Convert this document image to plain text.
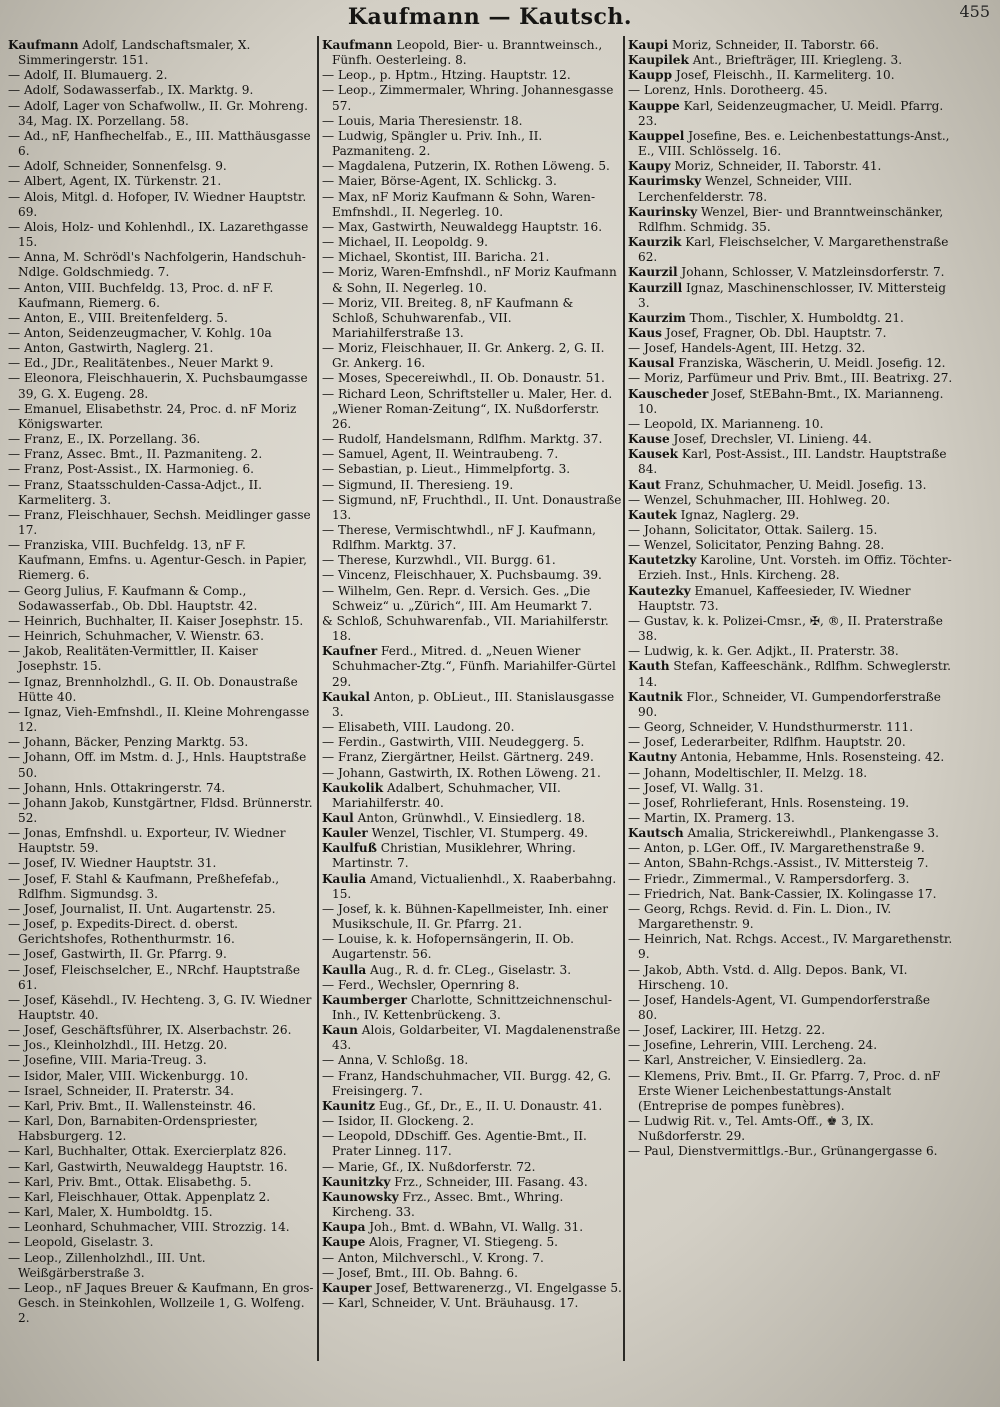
Kaufmann — Kautsch.	455
Kaufmann Adolf, Landschaftsmaler, X. Simmeringerstr. 151.
— Adolf, II. Blumauerg. 2.
— Adolf, Sodawasserfab., IX. Marktg. 9.
— Adolf, Lager von Schafwollw., II. Gr. Mohreng. 34, Mag. IX. Porzellang. 58.
— Ad., nF, Hanfhechelfab., E., III. Matthäusgasse 6.
— Adolf, Schneider, Sonnenfelsg. 9.
— Albert, Agent, IX. Türkenstr. 21.
— Alois, Mitgl. d. Hofoper, IV. Wiedner Hauptstr. 69.
— Alois, Holz- und Kohlenhdl., IX. Lazarethgasse 15.
— Anna, M. Schrödl's Nachfolgerin, Handschuh-Ndlge. Goldschmiedg. 7.
— Anton, VIII. Buchfeldg. 13, Proc. d. nF F. Kaufmann, Riemerg. 6.
— Anton, E., VIII. Breitenfelderg. 5.
— Anton, Seidenzeugmacher, V. Kohlg. 10a
— Anton, Gastwirth, Naglerg. 21.
— Ed., JDr., Realitätenbes., Neuer Markt 9.
— Eleonora, Fleischhauerin, X. Puchsbaumgasse 39, G. X. Eugeng. 28.
— Emanuel, Elisabethstr. 24, Proc. d. nF Moriz Königswarter.
— Franz, E., IX. Porzellang. 36.
— Franz, Assec. Bmt., II. Pazmaniteng. 2.
— Franz, Post-Assist., IX. Harmonieg. 6.
— Franz, Staatsschulden-Cassa-Adjct., II. Karmeliterg. 3.
— Franz, Fleischhauer, Sechsh. Meidlinger gasse 17.
— Franziska, VIII. Buchfeldg. 13, nF F. Kaufmann, Emfns. u. Agentur-Gesch. in Papier, Riemerg. 6.
— Georg Julius, F. Kaufmann & Comp., Sodawasserfab., Ob. Dbl. Hauptstr. 42.
— Heinrich, Buchhalter, II. Kaiser Josephstr. 15.
— Heinrich, Schuhmacher, V. Wienstr. 63.
— Jakob, Realitäten-Vermittler, II. Kaiser Josephstr. 15.
— Ignaz, Brennholzhdl., G. II. Ob. Donaustraße Hütte 40.
— Ignaz, Vieh-Emfnshdl., II. Kleine Mohrengasse 12.
— Johann, Bäcker, Penzing Marktg. 53.
— Johann, Off. im Mstm. d. J., Hnls. Hauptstraße 50.
— Johann, Hnls. Ottakringerstr. 74.
— Johann Jakob, Kunstgärtner, Fldsd. Brünnerstr. 52.
— Jonas, Emfnshdl. u. Exporteur, IV. Wiedner Hauptstr. 59.
— Josef, IV. Wiedner Hauptstr. 31.
— Josef, F. Stahl & Kaufmann, Preßhefefab., Rdlfhm. Sigmundsg. 3.
— Josef, Journalist, II. Unt. Augartenstr. 25.
— Josef, p. Expedits-Direct. d. oberst. Gerichtshofes, Rothenthurmstr. 16.
— Josef, Gastwirth, II. Gr. Pfarrg. 9.
— Josef, Fleischselcher, E., NRchf. Hauptstraße 61.
— Josef, Käsehdl., IV. Hechteng. 3, G. IV. Wiedner Hauptstr. 40.
— Josef, Geschäftsführer, IX. Alserbachstr. 26.
— Jos., Kleinholzhdl., III. Hetzg. 20.
— Josefine, VIII. Maria-Treug. 3.
— Isidor, Maler, VIII. Wickenburgg. 10.
— Israel, Schneider, II. Praterstr. 34.
— Karl, Priv. Bmt., II. Wallensteinstr. 46.
— Karl, Don, Barnabiten-Ordenspriester, Habsburgerg. 12.
— Karl, Buchhalter, Ottak. Exercierplatz 826.
— Karl, Gastwirth, Neuwaldegg Hauptstr. 16.
— Karl, Priv. Bmt., Ottak. Elisabethg. 5.
— Karl, Fleischhauer, Ottak. Appenplatz 2.
— Karl, Maler, X. Humboldtg. 15.
— Leonhard, Schuhmacher, VIII. Strozzig. 14.
— Leopold, Giselastr. 3.
— Leop., Zillenholzhdl., III. Unt. Weißgärberstraße 3.
— Leop., nF Jaques Breuer & Kaufmann, En gros-Gesch. in Steinkohlen, Wollzeile 1, G. Wolfeng. 2.
Kaufmann Leopold, Bier- u. Branntweinsch., Fünfh. Oesterleing. 8.
— Leop., p. Hptm., Htzing. Hauptstr. 12.
— Leop., Zimmermaler, Whring. Johannesgasse 57.
— Louis, Maria Theresienstr. 18.
— Ludwig, Spängler u. Priv. Inh., II. Pazmaniteng. 2.
— Magdalena, Putzerin, IX. Rothen Löweng. 5.
— Maier, Börse-Agent, IX. Schlickg. 3.
— Max, nF Moriz Kaufmann & Sohn, Waren-Emfnshdl., II. Negerleg. 10.
— Max, Gastwirth, Neuwaldegg Hauptstr. 16.
— Michael, II. Leopoldg. 9.
— Michael, Skontist, III. Baricha. 21.
— Moriz, Waren-Emfnshdl., nF Moriz Kaufmann & Sohn, II. Negerleg. 10.
— Moriz, VII. Breiteg. 8, nF Kaufmann & Schloß, Schuhwarenfab., VII. Mariahilferstraße 13.
— Moriz, Fleischhauer, II. Gr. Ankerg. 2, G. II. Gr. Ankerg. 16.
— Moses, Specereiwhdl., II. Ob. Donaustr. 51.
— Richard Leon, Schriftsteller u. Maler, Her. d. „Wiener Roman-Zeitung“, IX. Nußdorferstr. 26.
— Rudolf, Handelsmann, Rdlfhm. Marktg. 37.
— Samuel, Agent, II. Weintraubeng. 7.
— Sebastian, p. Lieut., Himmelpfortg. 3.
— Sigmund, II. Theresieng. 19.
— Sigmund, nF, Fruchthdl., II. Unt. Donaustraße 13.
— Therese, Vermischtwhdl., nF J. Kaufmann, Rdlfhm. Marktg. 37.
— Therese, Kurzwhdl., VII. Burgg. 61.
— Vincenz, Fleischhauer, X. Puchsbaumg. 39.
— Wilhelm, Gen. Repr. d. Versich. Ges. „Die Schweiz“ u. „Zürich“, III. Am Heumarkt 7.
& Schloß, Schuhwarenfab., VII. Mariahilferstr. 18.
Kaufner Ferd., Mitred. d. „Neuen Wiener Schuhmacher-Ztg.“, Fünfh. Mariahilfer-Gürtel 29.
Kaukal Anton, p. ObLieut., III. Stanislausgasse 3.
— Elisabeth, VIII. Laudong. 20.
— Ferdin., Gastwirth, VIII. Neudeggerg. 5.
— Franz, Ziergärtner, Heilst. Gärtnerg. 249.
— Johann, Gastwirth, IX. Rothen Löweng. 21.
Kaukolik Adalbert, Schuhmacher, VII. Mariahilferstr. 40.
Kaul Anton, Grünwhdl., V. Einsiedlerg. 18.
Kauler Wenzel, Tischler, VI. Stumperg. 49.
Kaulfuß Christian, Musiklehrer, Whring. Martinstr. 7.
Kaulia Amand, Victualienhdl., X. Raaberbahng. 15.
— Josef, k. k. Bühnen-Kapellmeister, Inh. einer Musikschule, II. Gr. Pfarrg. 21.
— Louise, k. k. Hofopernsängerin, II. Ob. Augartenstr. 56.
Kaulla Aug., R. d. fr. CLeg., Giselastr. 3.
— Ferd., Wechsler, Opernring 8.
Kaumberger Charlotte, Schnittzeichnenschul-Inh., IV. Kettenbrückeng. 3.
Kaun Alois, Goldarbeiter, VI. Magdalenenstraße 43.
— Anna, V. Schloßg. 18.
— Franz, Handschuhmacher, VII. Burgg. 42, G. Freisingerg. 7.
Kaunitz Eug., Gf., Dr., E., II. U. Donaustr. 41.
— Isidor, II. Glockeng. 2.
— Leopold, DDschiff. Ges. Agentie-Bmt., II. Prater Linneg. 117.
— Marie, Gf., IX. Nußdorferstr. 72.
Kaunitzky Frz., Schneider, III. Fasang. 43.
Kaunowsky Frz., Assec. Bmt., Whring. Kircheng. 33.
Kaupa Joh., Bmt. d. WBahn, VI. Wallg. 31.
Kaupe Alois, Fragner, VI. Stiegeng. 5.
— Anton, Milchverschl., V. Krong. 7.
— Josef, Bmt., III. Ob. Bahng. 6.
Kauper Josef, Bettwarenerzg., VI. Engelgasse 5.
— Karl, Schneider, V. Unt. Bräuhausg. 17.
Kaupi Moriz, Schneider, II. Taborstr. 66.
Kaupilek Ant., Briefträger, III. Kriegleng. 3.
Kaupp Josef, Fleischh., II. Karmeliterg. 10.
— Lorenz, Hnls. Dorotheerg. 45.
Kauppe Karl, Seidenzeugmacher, U. Meidl. Pfarrg. 23.
Kauppel Josefine, Bes. e. Leichenbestattungs-Anst., E., VIII. Schlösselg. 16.
Kaupy Moriz, Schneider, II. Taborstr. 41.
Kaurimsky Wenzel, Schneider, VIII. Lerchenfelderstr. 78.
Kaurinsky Wenzel, Bier- und Branntweinschänker, Rdlfhm. Schmidg. 35.
Kaurzik Karl, Fleischselcher, V. Margarethenstraße 62.
Kaurzil Johann, Schlosser, V. Matzleinsdorferstr. 7.
Kaurzill Ignaz, Maschinenschlosser, IV. Mittersteig 3.
Kaurzim Thom., Tischler, X. Humboldtg. 21.
Kaus Josef, Fragner, Ob. Dbl. Hauptstr. 7.
— Josef, Handels-Agent, III. Hetzg. 32.
Kausal Franziska, Wäscherin, U. Meidl. Josefig. 12.
— Moriz, Parfümeur und Priv. Bmt., III. Beatrixg. 27.
Kauscheder Josef, StEBahn-Bmt., IX. Marianneng. 10.
— Leopold, IX. Marianneng. 10.
Kause Josef, Drechsler, VI. Linieng. 44.
Kausek Karl, Post-Assist., III. Landstr. Hauptstraße 84.
Kaut Franz, Schuhmacher, U. Meidl. Josefig. 13.
— Wenzel, Schuhmacher, III. Hohlweg. 20.
Kautek Ignaz, Naglerg. 29.
— Johann, Solicitator, Ottak. Sailerg. 15.
— Wenzel, Solicitator, Penzing Bahng. 28.
Kautetzky Karoline, Unt. Vorsteh. im Offiz. Töchter-Erzieh. Inst., Hnls. Kircheng. 28.
Kautezky Emanuel, Kaffeesieder, IV. Wiedner Hauptstr. 73.
— Gustav, k. k. Polizei-Cmsr., ✠, ®, II. Praterstraße 38.
— Ludwig, k. k. Ger. Adjkt., II. Praterstr. 38.
Kauth Stefan, Kaffeeschänk., Rdlfhm. Schweglerstr. 14.
Kautnik Flor., Schneider, VI. Gumpendorferstraße 90.
— Georg, Schneider, V. Hundsthurmerstr. 111.
— Josef, Lederarbeiter, Rdlfhm. Hauptstr. 20.
Kautny Antonia, Hebamme, Hnls. Rosensteing. 42.
— Johann, Modeltischler, II. Melzg. 18.
— Josef, VI. Wallg. 31.
— Josef, Rohrlieferant, Hnls. Rosensteing. 19.
— Martin, IX. Pramerg. 13.
Kautsch Amalia, Strickereiwhdl., Plankengasse 3.
— Anton, p. LGer. Off., IV. Margarethenstraße 9.
— Anton, SBahn-Rchgs.-Assist., IV. Mittersteig 7.
— Friedr., Zimmermal., V. Rampersdorferg. 3.
— Friedrich, Nat. Bank-Cassier, IX. Kolingasse 17.
— Georg, Rchgs. Revid. d. Fin. L. Dion., IV. Margarethenstr. 9.
— Heinrich, Nat. Rchgs. Accest., IV. Margarethenstr. 9.
— Jakob, Abth. Vstd. d. Allg. Depos. Bank, VI. Hirscheng. 10.
— Josef, Handels-Agent, VI. Gumpendorferstraße 80.
— Josef, Lackirer, III. Hetzg. 22.
— Josefine, Lehrerin, VIII. Lercheng. 24.
— Karl, Anstreicher, V. Einsiedlerg. 2a.
— Klemens, Priv. Bmt., II. Gr. Pfarrg. 7, Proc. d. nF Erste Wiener Leichenbestattungs-Anstalt (Entreprise de pompes funèbres).
— Ludwig Rit. v., Tel. Amts-Off., ♚ 3, IX. Nußdorferstr. 29.
— Paul, Dienstvermittlgs.-Bur., Grünangergasse 6.
